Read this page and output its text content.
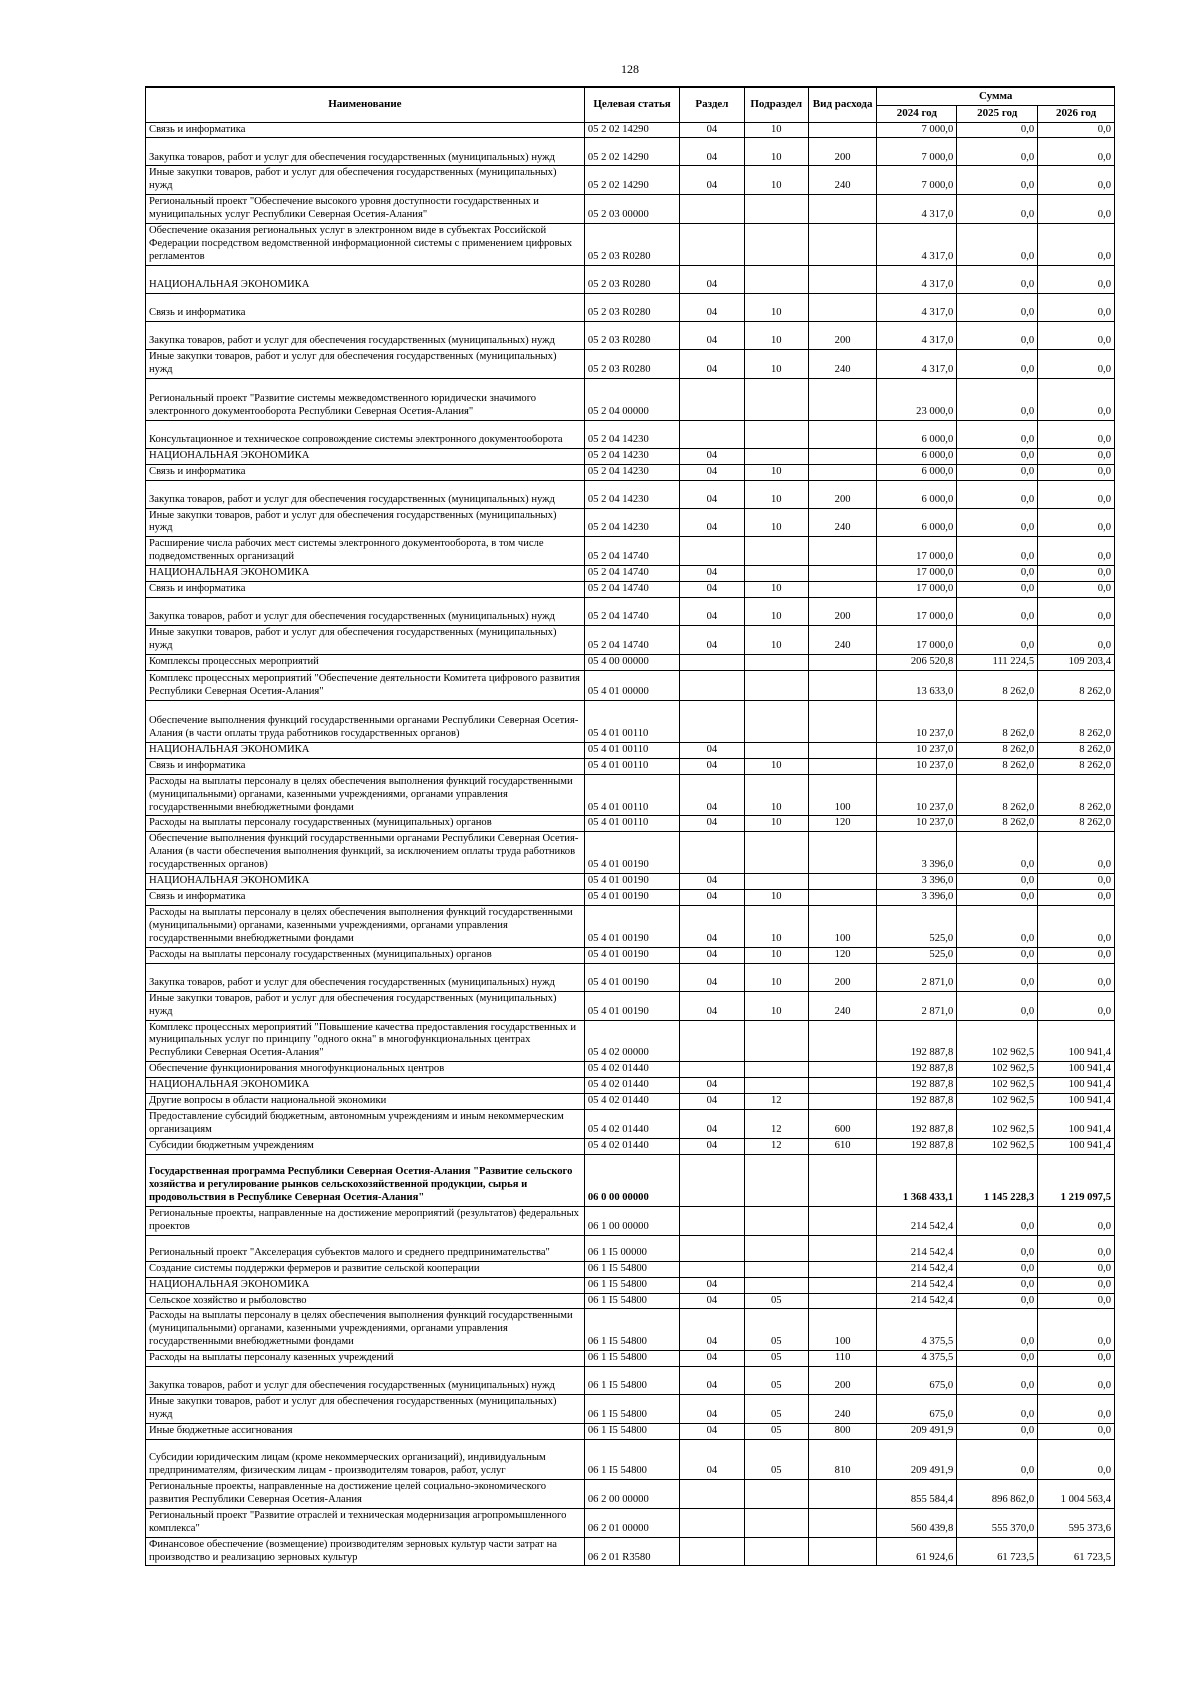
128
Наименование	Целевая статья	Раздел	Подраздел	Вид расхода	Сумма		
					2024 год	2025 год	2026 год
Связь и информатика	05 2 02 14290	04	10		7 000,0	0,0	0,0
Закупка товаров, работ и услуг для обеспечения государственных (муниципальных) нужд	05 2 02 14290	04	10	200	7 000,0	0,0	0,0
Иные закупки товаров, работ и услуг для обеспечения государственных (муниципальных) нужд	05 2 02 14290	04	10	240	7 000,0	0,0	0,0
Региональный проект "Обеспечение высокого уровня доступности государственных и муниципальных услуг Республики Северная Осетия-Алания"	05 2 03 00000				4 317,0	0,0	0,0
Обеспечение оказания региональных услуг в электронном виде в субъектах Российской Федерации посредством ведомственной информационной системы с применением цифровых регламентов	05 2 03 R0280				4 317,0	0,0	0,0
НАЦИОНАЛЬНАЯ ЭКОНОМИКА	05 2 03 R0280	04			4 317,0	0,0	0,0
Связь и информатика	05 2 03 R0280	04	10		4 317,0	0,0	0,0
Закупка товаров, работ и услуг для обеспечения государственных (муниципальных) нужд	05 2 03 R0280	04	10	200	4 317,0	0,0	0,0
Иные закупки товаров, работ и услуг для обеспечения государственных (муниципальных) нужд	05 2 03 R0280	04	10	240	4 317,0	0,0	0,0
Региональный проект "Развитие системы межведомственного юридически значимого электронного документооборота Республики Северная Осетия-Алания"	05 2 04 00000				23 000,0	0,0	0,0
Консультационное и техническое сопровождение системы электронного документооборота	05 2 04 14230				6 000,0	0,0	0,0
НАЦИОНАЛЬНАЯ ЭКОНОМИКА	05 2 04 14230	04			6 000,0	0,0	0,0
Связь и информатика	05 2 04 14230	04	10		6 000,0	0,0	0,0
Закупка товаров, работ и услуг для обеспечения государственных (муниципальных) нужд	05 2 04 14230	04	10	200	6 000,0	0,0	0,0
Иные закупки товаров, работ и услуг для обеспечения государственных (муниципальных) нужд	05 2 04 14230	04	10	240	6 000,0	0,0	0,0
Расширение числа рабочих мест системы электронного документооборота, в том числе подведомственных организаций	05 2 04 14740				17 000,0	0,0	0,0
НАЦИОНАЛЬНАЯ ЭКОНОМИКА	05 2 04 14740	04			17 000,0	0,0	0,0
Связь и информатика	05 2 04 14740	04	10		17 000,0	0,0	0,0
Закупка товаров, работ и услуг для обеспечения государственных (муниципальных) нужд	05 2 04 14740	04	10	200	17 000,0	0,0	0,0
Иные закупки товаров, работ и услуг для обеспечения государственных (муниципальных) нужд	05 2 04 14740	04	10	240	17 000,0	0,0	0,0
Комплексы процессных мероприятий	05 4 00 00000				206 520,8	111 224,5	109 203,4
Комплекс процессных мероприятий "Обеспечение деятельности Комитета цифрового развития Республики Северная Осетия-Алания"	05 4 01 00000				13 633,0	8 262,0	8 262,0
Обеспечение выполнения функций государственными органами Республики Северная Осетия-Алания (в части оплаты труда работников государственных органов)	05 4 01 00110				10 237,0	8 262,0	8 262,0
НАЦИОНАЛЬНАЯ ЭКОНОМИКА	05 4 01 00110	04			10 237,0	8 262,0	8 262,0
Связь и информатика	05 4 01 00110	04	10		10 237,0	8 262,0	8 262,0
Расходы на выплаты персоналу в целях обеспечения выполнения функций государственными (муниципальными) органами, казенными учреждениями, органами управления государственными внебюджетными фондами	05 4 01 00110	04	10	100	10 237,0	8 262,0	8 262,0
Расходы на выплаты персоналу государственных (муниципальных) органов	05 4 01 00110	04	10	120	10 237,0	8 262,0	8 262,0
Обеспечение выполнения функций государственными органами Республики Северная Осетия-Алания (в части обеспечения выполнения функций, за исключением оплаты труда работников государственных органов)	05 4 01 00190				3 396,0	0,0	0,0
НАЦИОНАЛЬНАЯ ЭКОНОМИКА	05 4 01 00190	04			3 396,0	0,0	0,0
Связь и информатика	05 4 01 00190	04	10		3 396,0	0,0	0,0
Расходы на выплаты персоналу в целях обеспечения выполнения функций государственными (муниципальными) органами, казенными учреждениями, органами управления государственными внебюджетными фондами	05 4 01 00190	04	10	100	525,0	0,0	0,0
Расходы на выплаты персоналу государственных (муниципальных) органов	05 4 01 00190	04	10	120	525,0	0,0	0,0
Закупка товаров, работ и услуг для обеспечения государственных (муниципальных) нужд	05 4 01 00190	04	10	200	2 871,0	0,0	0,0
Иные закупки товаров, работ и услуг для обеспечения государственных (муниципальных) нужд	05 4 01 00190	04	10	240	2 871,0	0,0	0,0
Комплекс процессных мероприятий "Повышение качества предоставления государственных и муниципальных услуг по принципу "одного окна" в многофункциональных центрах Республики Северная Осетия-Алания"	05 4 02 00000				192 887,8	102 962,5	100 941,4
Обеспечение функционирования многофункциональных центров	05 4 02 01440				192 887,8	102 962,5	100 941,4
НАЦИОНАЛЬНАЯ ЭКОНОМИКА	05 4 02 01440	04			192 887,8	102 962,5	100 941,4
Другие вопросы в области национальной экономики	05 4 02 01440	04	12		192 887,8	102 962,5	100 941,4
Предоставление субсидий бюджетным, автономным учреждениям и иным некоммерческим организациям	05 4 02 01440	04	12	600	192 887,8	102 962,5	100 941,4
Субсидии бюджетным учреждениям	05 4 02 01440	04	12	610	192 887,8	102 962,5	100 941,4
Государственная программа Республики Северная Осетия-Алания "Развитие сельского хозяйства и регулирование рынков сельскохозяйственной продукции, сырья и продовольствия в Республике Северная Осетия-Алания"	06 0 00 00000				1 368 433,1	1 145 228,3	1 219 097,5
Региональные проекты, направленные на достижение мероприятий (результатов) федеральных проектов	06 1 00 00000				214 542,4	0,0	0,0
Региональный проект "Акселерация субъектов малого и среднего предпринимательства"	06 1 I5 00000				214 542,4	0,0	0,0
Создание системы поддержки фермеров и развитие сельской кооперации	06 1 I5 54800				214 542,4	0,0	0,0
НАЦИОНАЛЬНАЯ ЭКОНОМИКА	06 1 I5 54800	04			214 542,4	0,0	0,0
Сельское хозяйство и рыболовство	06 1 I5 54800	04	05		214 542,4	0,0	0,0
Расходы на выплаты персоналу в целях обеспечения выполнения функций государственными (муниципальными) органами, казенными учреждениями, органами управления государственными внебюджетными фондами	06 1 I5 54800	04	05	100	4 375,5	0,0	0,0
Расходы на выплаты персоналу казенных учреждений	06 1 I5 54800	04	05	110	4 375,5	0,0	0,0
Закупка товаров, работ и услуг для обеспечения государственных (муниципальных) нужд	06 1 I5 54800	04	05	200	675,0	0,0	0,0
Иные закупки товаров, работ и услуг для обеспечения государственных (муниципальных) нужд	06 1 I5 54800	04	05	240	675,0	0,0	0,0
Иные бюджетные ассигнования	06 1 I5 54800	04	05	800	209 491,9	0,0	0,0
Субсидии юридическим лицам (кроме некоммерческих организаций), индивидуальным предпринимателям, физическим лицам - производителям товаров, работ, услуг	06 1 I5 54800	04	05	810	209 491,9	0,0	0,0
Региональные проекты, направленные на достижение целей социально-экономического развития Республики Северная Осетия-Алания	06 2 00 00000				855 584,4	896 862,0	1 004 563,4
Региональный проект "Развитие отраслей и техническая модернизация агропромышленного комплекса"	06 2 01 00000				560 439,8	555 370,0	595 373,6
Финансовое обеспечение (возмещение) производителям зерновых культур части затрат на производство и реализацию зерновых культур	06 2 01 R3580				61 924,6	61 723,5	61 723,5
